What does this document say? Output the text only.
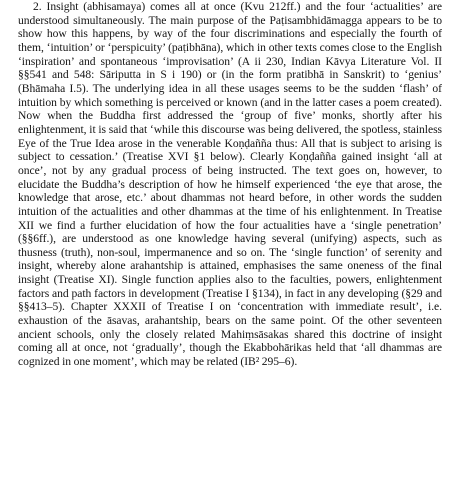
2. Insight (abhisamaya) comes all at once (Kvu 212ff.) and the four ‘actualities’ are understood simultaneously. The main purpose of the Paṭisambhidāmagga appears to be to show how this happens, by way of the four discriminations and especially the fourth of them, ‘intuition’ or ‘perspicuity’ (paṭibhāna), which in other texts comes close to the English ‘inspiration’ and spontaneous ‘improvisation’ (A ii 230, Indian Kāvya Literature Vol. II §§541 and 548: Sāriputta in S i 190) or (in the form pratibhā in Sanskrit) to ‘genius’ (Bhāmaha I.5). The underlying idea in all these usages seems to be the sudden ‘flash’ of intuition by which something is perceived or known (and in the latter cases a poem created). Now when the Buddha first addressed the ‘group of five’ monks, shortly after his enlightenment, it is said that ‘while this discourse was being delivered, the spotless, stainless Eye of the True Idea arose in the venerable Koṇḍañña thus: All that is subject to arising is subject to cessation.’ (Treatise XVI §1 below). Clearly Koṇḍañña gained insight ‘all at once’, not by any gradual process of being instructed. The text goes on, however, to elucidate the Buddha’s description of how he himself experienced ‘the eye that arose, the knowledge that arose, etc.’ about dhammas not heard before, in other words the sudden intuition of the actualities and other dhammas at the time of his enlightenment. In Treatise XII we find a further elucidation of how the four actualities have a ‘single penetration’ (§§6ff.), are understood as one knowledge having several (unifying) aspects, such as thusness (truth), non-soul, impermanence and so on. The ‘single function’ of serenity and insight, whereby alone arahantship is attained, emphasises the same oneness of the final insight (Treatise XI). Single function applies also to the faculties, powers, enlightenment factors and path factors in development (Treatise I §134), in fact in any developing (§29 and §§413–5). Chapter XXXII of Treatise I on ‘concentration with immediate result’, i.e. exhaustion of the āsavas, arahantship, bears on the same point. Of the other seventeen ancient schools, only the closely related Mahiṃsāsakas shared this doctrine of insight coming all at once, not ‘gradually’, though the Ekabbohārikas held that ‘all dhammas are cognized in one moment’, which may be related (IB² 295–6).
